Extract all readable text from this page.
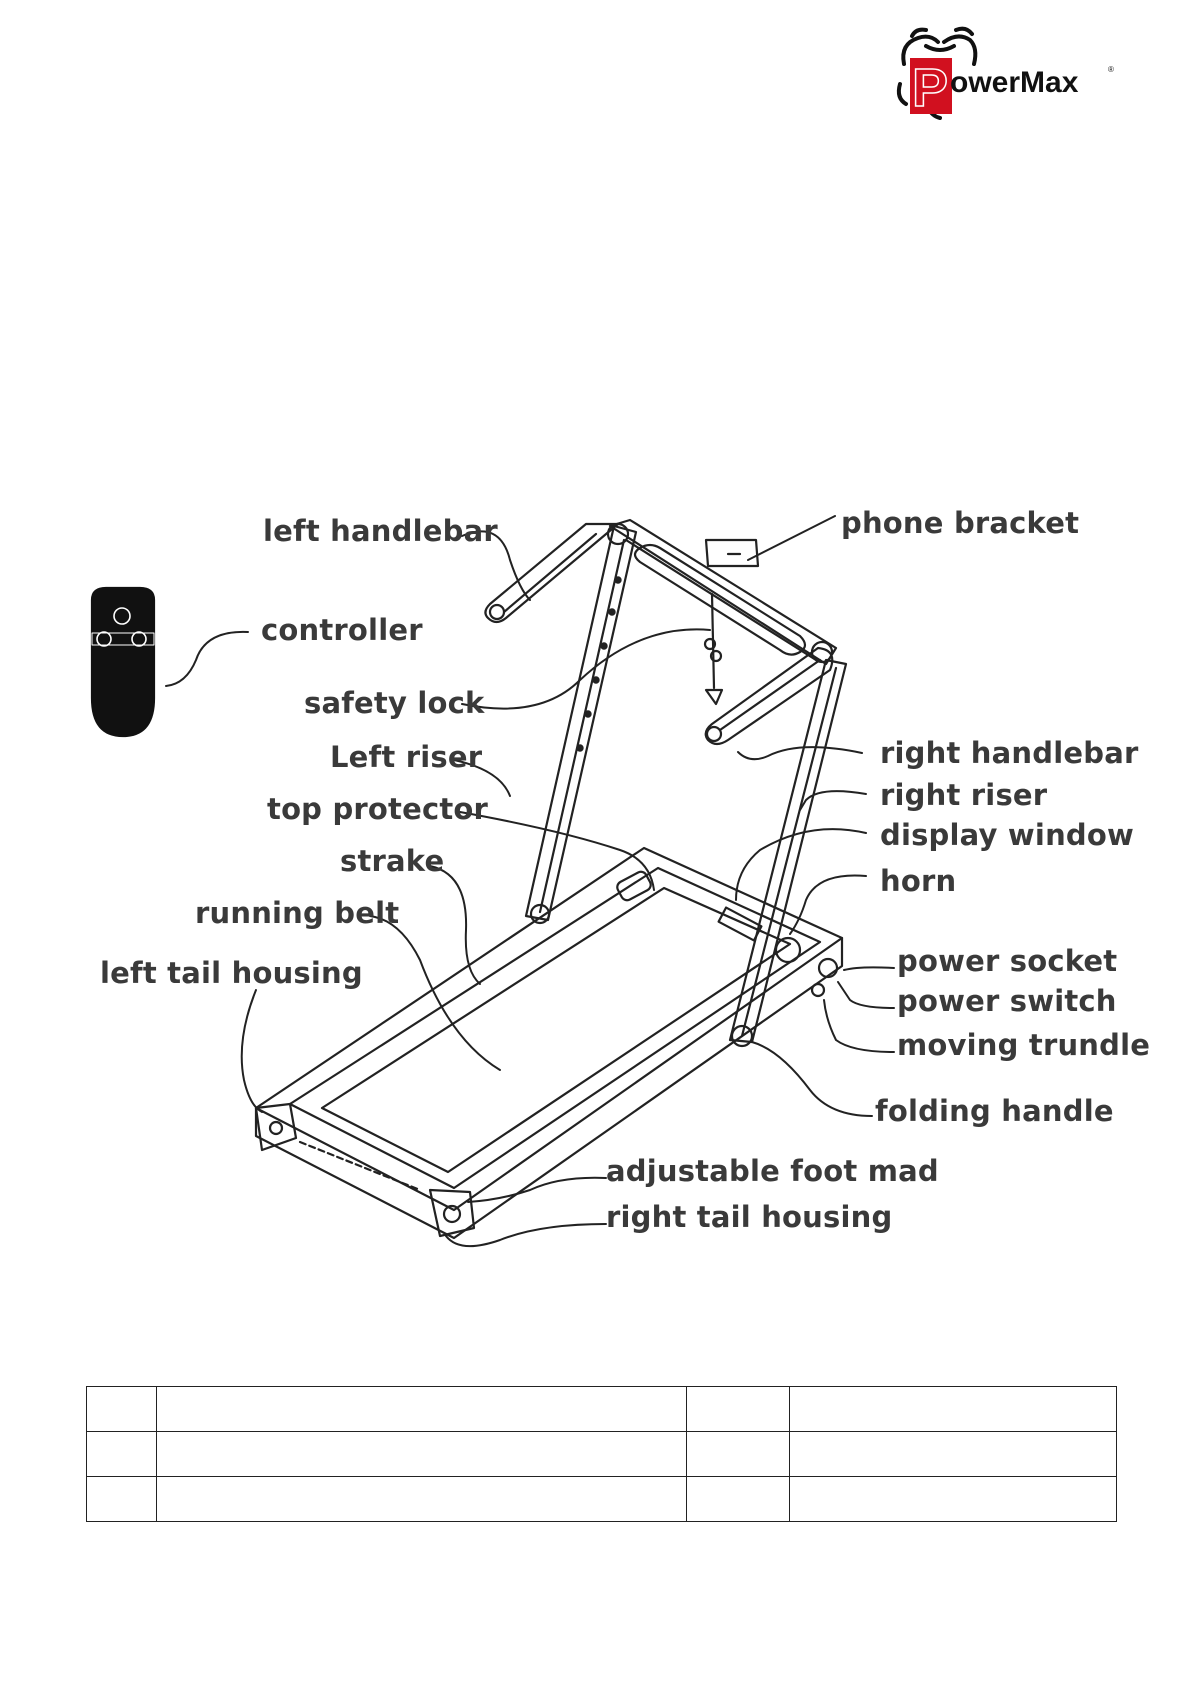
P owerMax	®
left handlebar	phone bracket
controller
safety lock
Left riser	right handlebar
right riser
top protector
display window
strake
horn
running belt
power socket
left tail housing
power switch
moving trundle
folding handle
adjustable foot mad
right tail housing
